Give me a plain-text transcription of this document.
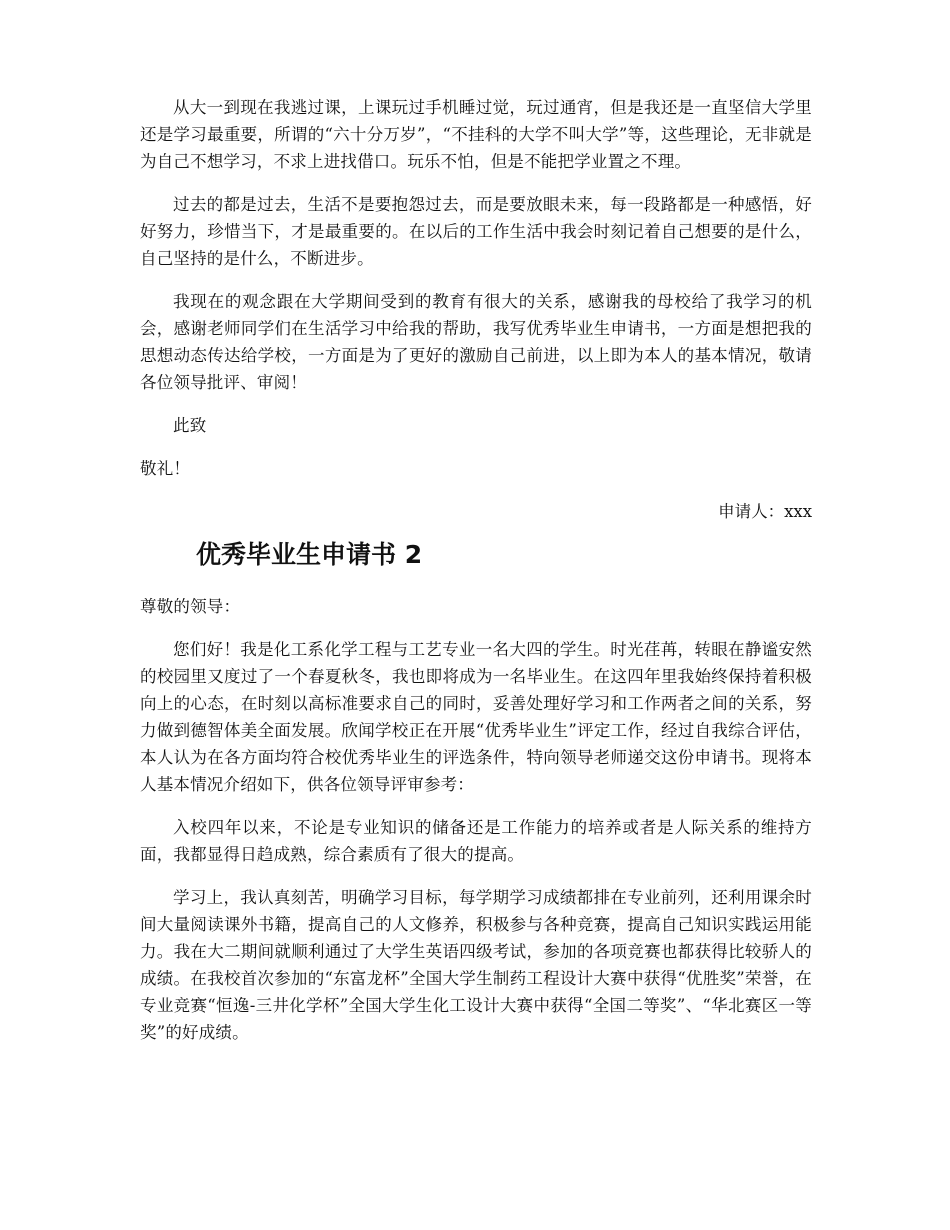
从大一到现在我逃过课，上课玩过手机睡过觉，玩过通宵，但是我还是一直坚信大学里还是学习最重要，所谓的“六十分万岁”，“不挂科的大学不叫大学”等，这些理论，无非就是为自己不想学习，不求上进找借口。玩乐不怕，但是不能把学业置之不理。

过去的都是过去，生活不是要抱怨过去，而是要放眼未来，每一段路都是一种感悟，好好努力，珍惜当下，才是最重要的。在以后的工作生活中我会时刻记着自己想要的是什么，自己坚持的是什么，不断进步。

我现在的观念跟在大学期间受到的教育有很大的关系，感谢我的母校给了我学习的机会，感谢老师同学们在生活学习中给我的帮助，我写优秀毕业生申请书，一方面是想把我的思想动态传达给学校，一方面是为了更好的激励自己前进，以上即为本人的基本情况，敬请各位领导批评、审阅！

此致

敬礼！

申请人：xxx

优秀毕业生申请书 2

尊敬的领导：

您们好！我是化工系化学工程与工艺专业一名大四的学生。时光荏苒，转眼在静谧安然的校园里又度过了一个春夏秋冬，我也即将成为一名毕业生。在这四年里我始终保持着积极向上的心态，在时刻以高标准要求自己的同时，妥善处理好学习和工作两者之间的关系，努力做到德智体美全面发展。欣闻学校正在开展“优秀毕业生”评定工作，经过自我综合评估，本人认为在各方面均符合校优秀毕业生的评选条件，特向领导老师递交这份申请书。现将本人基本情况介绍如下，供各位领导评审参考：

入校四年以来，不论是专业知识的储备还是工作能力的培养或者是人际关系的维持方面，我都显得日趋成熟，综合素质有了很大的提高。

学习上，我认真刻苦，明确学习目标，每学期学习成绩都排在专业前列，还利用课余时间大量阅读课外书籍，提高自己的人文修养，积极参与各种竞赛，提高自己知识实践运用能力。我在大二期间就顺利通过了大学生英语四级考试，参加的各项竞赛也都获得比较骄人的成绩。在我校首次参加的“东富龙杯”全国大学生制药工程设计大赛中获得“优胜奖”荣誉，在专业竞赛“恒逸-三井化学杯”全国大学生化工设计大赛中获得“全国二等奖”、“华北赛区一等奖”的好成绩。
